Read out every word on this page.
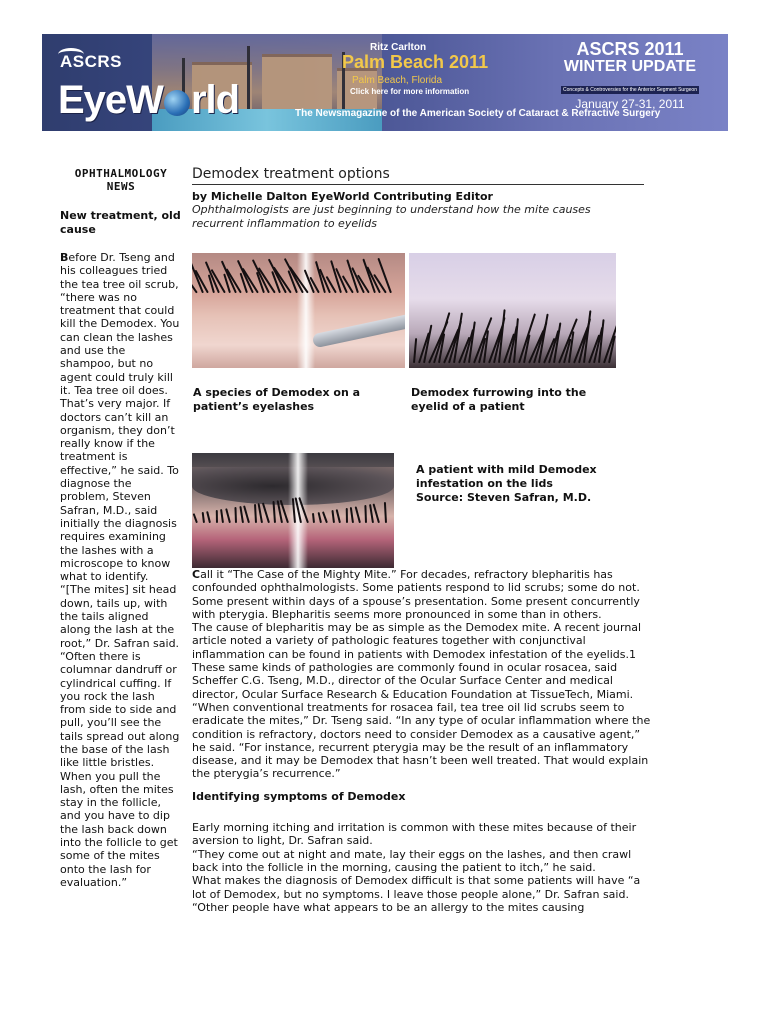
ASCRS
EyeW rld
Ritz Carlton
Palm Beach 2011
Palm Beach, Florida
Click here for more information
ASCRS 2011
WINTER UPDATE
Concepts & Controversies for the Anterior Segment Surgeon
January 27-31, 2011
The Newsmagazine of the American Society of Cataract & Refractive Surgery
OPHTHALMOLOGY NEWS
New treatment, old cause
Before Dr. Tseng and his colleagues tried the tea tree oil scrub, “there was no treatment that could kill the Demodex. You can clean the lashes and use the shampoo, but no agent could truly kill it. Tea tree oil does. That’s very major. If doctors can’t kill an organism, they don’t really know if the treatment is effective,” he said. To diagnose the problem, Steven Safran, M.D., said initially the diagnosis requires examining the lashes with a microscope to know what to identify. “[The mites] sit head down, tails up, with the tails aligned along the lash at the root,” Dr. Safran said. “Often there is columnar dandruff or cylindrical cuffing. If you rock the lash from side to side and pull, you’ll see the tails spread out along the base of the lash like little bristles. When you pull the lash, often the mites stay in the follicle, and you have to dip the lash back down into the follicle to get some of the mites onto the lash for evaluation.”
Demodex treatment options
by Michelle Dalton EyeWorld Contributing Editor
Ophthalmologists are just beginning to understand how the mite causes recurrent inflammation to eyelids
A species of Demodex on a patient’s eyelashes
Demodex furrowing into the eyelid of a patient
A patient with mild Demodex infestation on the lids
Source: Steven Safran, M.D.

Call it “The Case of the Mighty Mite.” For decades, refractory blepharitis has confounded ophthalmologists. Some patients respond to lid scrubs; some do not. Some present within days of a spouse’s presentation. Some present concurrently with pterygia. Blepharitis seems more pronounced in some than in others.

The cause of blepharitis may be as simple as the Demodex mite. A recent journal article noted a variety of pathologic features together with conjunctival inflammation can be found in patients with Demodex infestation of the eyelids.1 These same kinds of pathologies are commonly found in ocular rosacea, said Scheffer C.G. Tseng, M.D., director of the Ocular Surface Center and medical director, Ocular Surface Research & Education Foundation at TissueTech, Miami.

“When conventional treatments for rosacea fail, tea tree oil lid scrubs seem to eradicate the mites,” Dr. Tseng said. “In any type of ocular inflammation where the condition is refractory, doctors need to consider Demodex as a causative agent,” he said. “For instance, recurrent pterygia may be the result of an inflammatory disease, and it may be Demodex that hasn’t been well treated. That would explain the pterygia’s recurrence.”

Identifying symptoms of Demodex

Early morning itching and irritation is common with these mites because of their aversion to light, Dr. Safran said.

“They come out at night and mate, lay their eggs on the lashes, and then crawl back into the follicle in the morning, causing the patient to itch,” he said.

What makes the diagnosis of Demodex difficult is that some patients will have “a lot of Demodex, but no symptoms. I leave those people alone,” Dr. Safran said. “Other people have what appears to be an allergy to the mites causing
